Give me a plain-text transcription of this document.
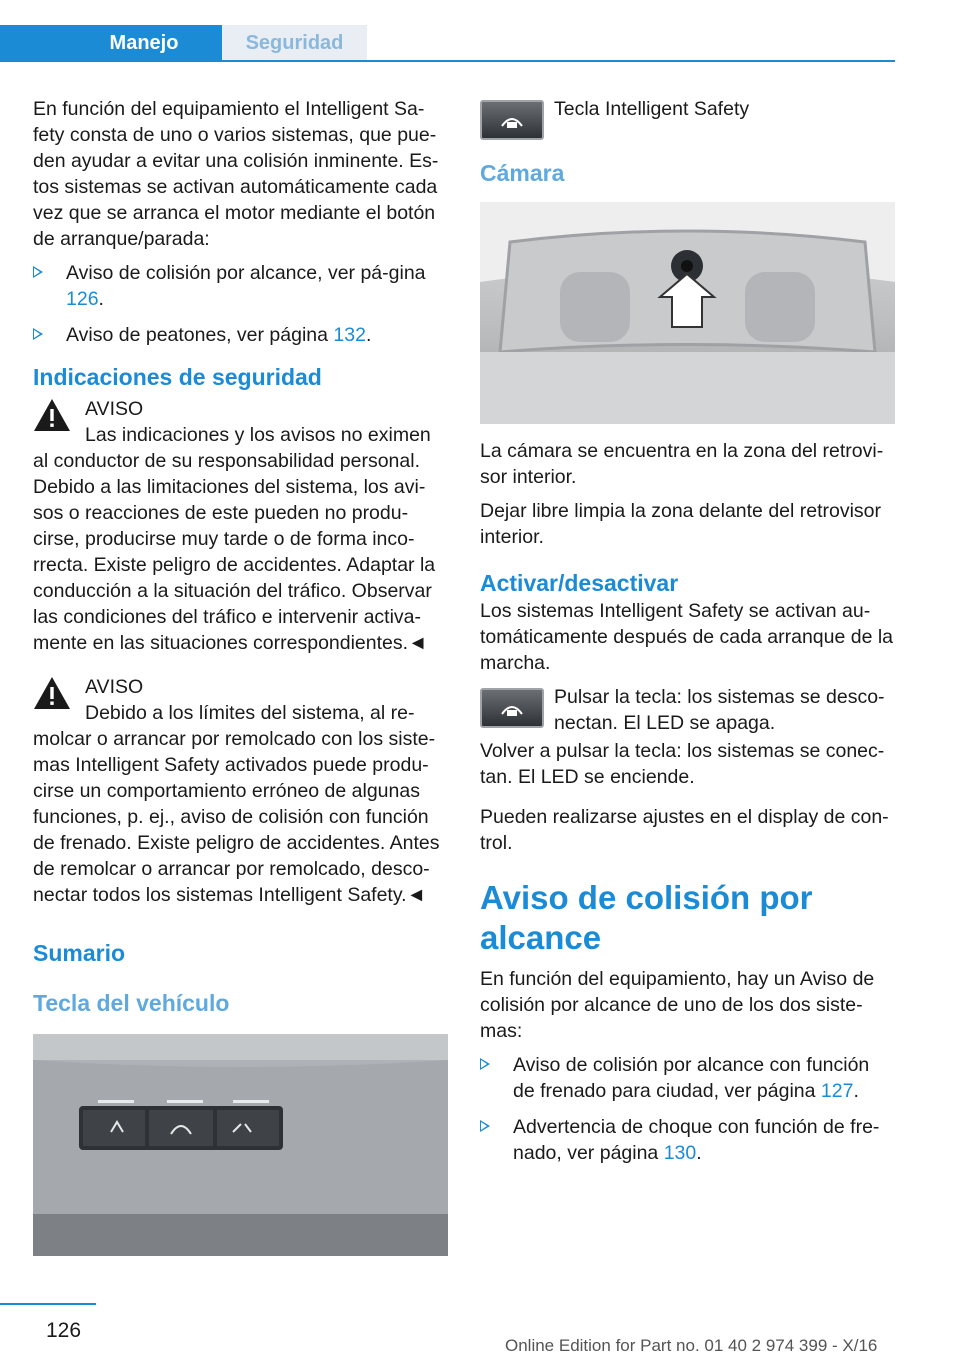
Manejo	Seguridad

En función del equipamiento el Intelligent Sa-fety consta de uno o varios sistemas, que pue-den ayudar a evitar una colisión inminente. Es-tos sistemas se activan automáticamente cada vez que se arranca el motor mediante el botón de arranque/parada:

Aviso de colisión por alcance, ver pá-gina 126.
Aviso de peatones, ver página 132.
Indicaciones de seguridad
AVISO

Las indicaciones y los avisos no eximen al conductor de su responsabilidad personal. Debido a las limitaciones del sistema, los avi-sos o reacciones de este pueden no produ-cirse, producirse muy tarde o de forma inco-rrecta. Existe peligro de accidentes. Adaptar la conducción a la situación del tráfico. Observar las condiciones del tráfico e intervenir activa-mente en las situaciones correspondientes.◄

AVISO

Debido a los límites del sistema, al re-molcar o arrancar por remolcado con los siste-mas Intelligent Safety activados puede produ-cirse un comportamiento erróneo de algunas funciones, p. ej., aviso de colisión con función de frenado. Existe peligro de accidentes. Antes de remolcar o arrancar por remolcado, desco-nectar todos los sistemas Intelligent Safety.◄

Sumario
Tecla del vehículo
Tecla Intelligent Safety
Cámara

La cámara se encuentra en la zona del retrovi-sor interior.

Dejar libre limpia la zona delante del retrovisor interior.

Activar/desactivar

Los sistemas Intelligent Safety se activan au-tomáticamente después de cada arranque de la marcha.

Pulsar la tecla: los sistemas se desco-nectan. El LED se apaga.

Volver a pulsar la tecla: los sistemas se conec-tan. El LED se enciende.

Pueden realizarse ajustes en el display de con-trol.

Aviso de colisión por alcance

En función del equipamiento, hay un Aviso de colisión por alcance de uno de los dos siste-mas:

Aviso de colisión por alcance con función de frenado para ciudad, ver página 127.
Advertencia de choque con función de fre-nado, ver página 130.
126
Online Edition for Part no. 01 40 2 974 399 - X/16
